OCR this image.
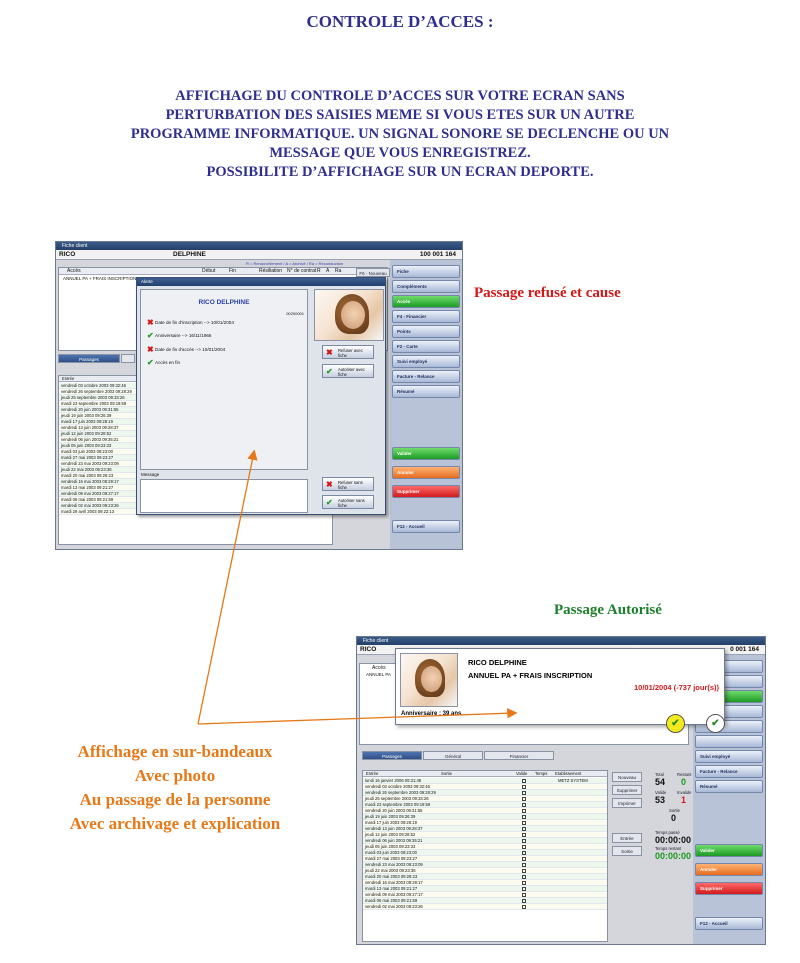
CONTROLE D’ACCES :
AFFICHAGE DU CONTROLE D’ACCES SUR VOTRE ECRAN SANS
PERTURBATION DES SAISIES MEME SI VOUS ETES SUR UN AUTRE
PROGRAMME INFORMATIQUE. UN SIGNAL SONORE SE DECLENCHE OU UN
MESSAGE QUE VOUS ENREGISTREZ.
POSSIBILITE D’AFFICHAGE SUR UN ECRAN DEPORTE.
Passage refusé et cause
Passage Autorisé
Affichage en sur-bandeaux
Avec photo
Au passage de la personne
Avec archivage et explication
Fiche client
RICO	DELPHINE	100 001 164
R = Renouvellement / A = Archivé / Ra = Reconduction
Accès	Début	Fin	Résiliation N° de contrat R A Ra
ANNUEL PA + FRAIS INSCRIPTION
F6 - Nouveau
Passages
Entrée
vendredi 03 octobre 2003 09:32:46
vendredi 26 septembre 2003 09:28:29
jeudi 25 septembre 2003 09:33:26
mardi 23 septembre 2003 09:19:59
vendredi 20 juin 2003 09:31:55
jeudi 19 juin 2003 09:26:39
mardi 17 juin 2003 09:28:19
vendredi 13 juin 2003 09:28:37
jeudi 12 juin 2003 09:28:52
vendredi 06 juin 2003 09:35:21
jeudi 05 juin 2003 09:23:33
mardi 03 juin 2003 09:23:00
mardi 27 mai 2003 09:23:27
vendredi 23 mai 2003 09:23:09
jeudi 22 mai 2003 09:23:36
mardi 20 mai 2003 09:28:23
vendredi 16 mai 2003 09:29:17
mardi 13 mai 2003 09:21:27
vendredi 09 mai 2003 09:27:17
mardi 06 mai 2003 09:21:59
vendredi 02 mai 2003 09:23:26
mardi 29 avril 2003 09:22:13
Fiche
Compléments
Accès
F4 - Financier
Points
F2 - Carte
Suivi employé
Facture - Relance
Résumé
Valider
Annuler
Supprimer
F12 - Accueil
Alerte
RICO DELPHINE
00200001
✖Date de fin d'inscription --> 10/01/2004
✔Anniversaire --> 16/11/1966
✖Date de fin d'accès --> 10/01/2004
✔Accès en fin
Message
✖ Refuser avec fiche
✔ Autoriser avec fiche
✖ Refuser sans fiche
✔ Autoriser sans fiche
Fiche client
RICO	0 001 164
Accès
ANNUEL PA
Passages	Général	Financier
Entrée	Sortie	Valide Temps Etablissement
lundi 16 janvier 2006 09:31:48	METZ SYSTEM
vendredi 03 octobre 2003 09:32:46
vendredi 26 septembre 2003 09:28:29
jeudi 25 septembre 2003 09:33:26
mardi 23 septembre 2003 09:19:59
vendredi 20 juin 2003 09:31:55
jeudi 19 juin 2003 09:26:39
mardi 17 juin 2003 09:28:19
vendredi 13 juin 2003 09:28:37
jeudi 12 juin 2003 09:28:52
vendredi 06 juin 2003 09:35:21
jeudi 05 juin 2003 09:23:33
mardi 03 juin 2003 09:23:00
mardi 27 mai 2003 09:23:27
vendredi 23 mai 2003 09:23:09
jeudi 22 mai 2003 09:23:36
mardi 20 mai 2003 09:28:23
vendredi 16 mai 2003 09:29:17
mardi 13 mai 2003 09:21:27
vendredi 09 mai 2003 09:27:17
mardi 06 mai 2003 09:21:59
vendredi 02 mai 2003 09:23:26
Nouveau
Supprimer
Imprimer
Entrée
Sortie
Total
54
Restant
0
Valide
53
Invalide
1
Sortie
0
Temps passé
00:00:00
Temps restant
00:00:00
Suivi employé
Facture - Relance
Résumé
Valider
Annuler
Supprimer
F12 - Accueil
RICO DELPHINE
ANNUEL PA + FRAIS INSCRIPTION
10/01/2004 (-737 jour(s))
Anniversaire : 39 ans.
✔	✔
